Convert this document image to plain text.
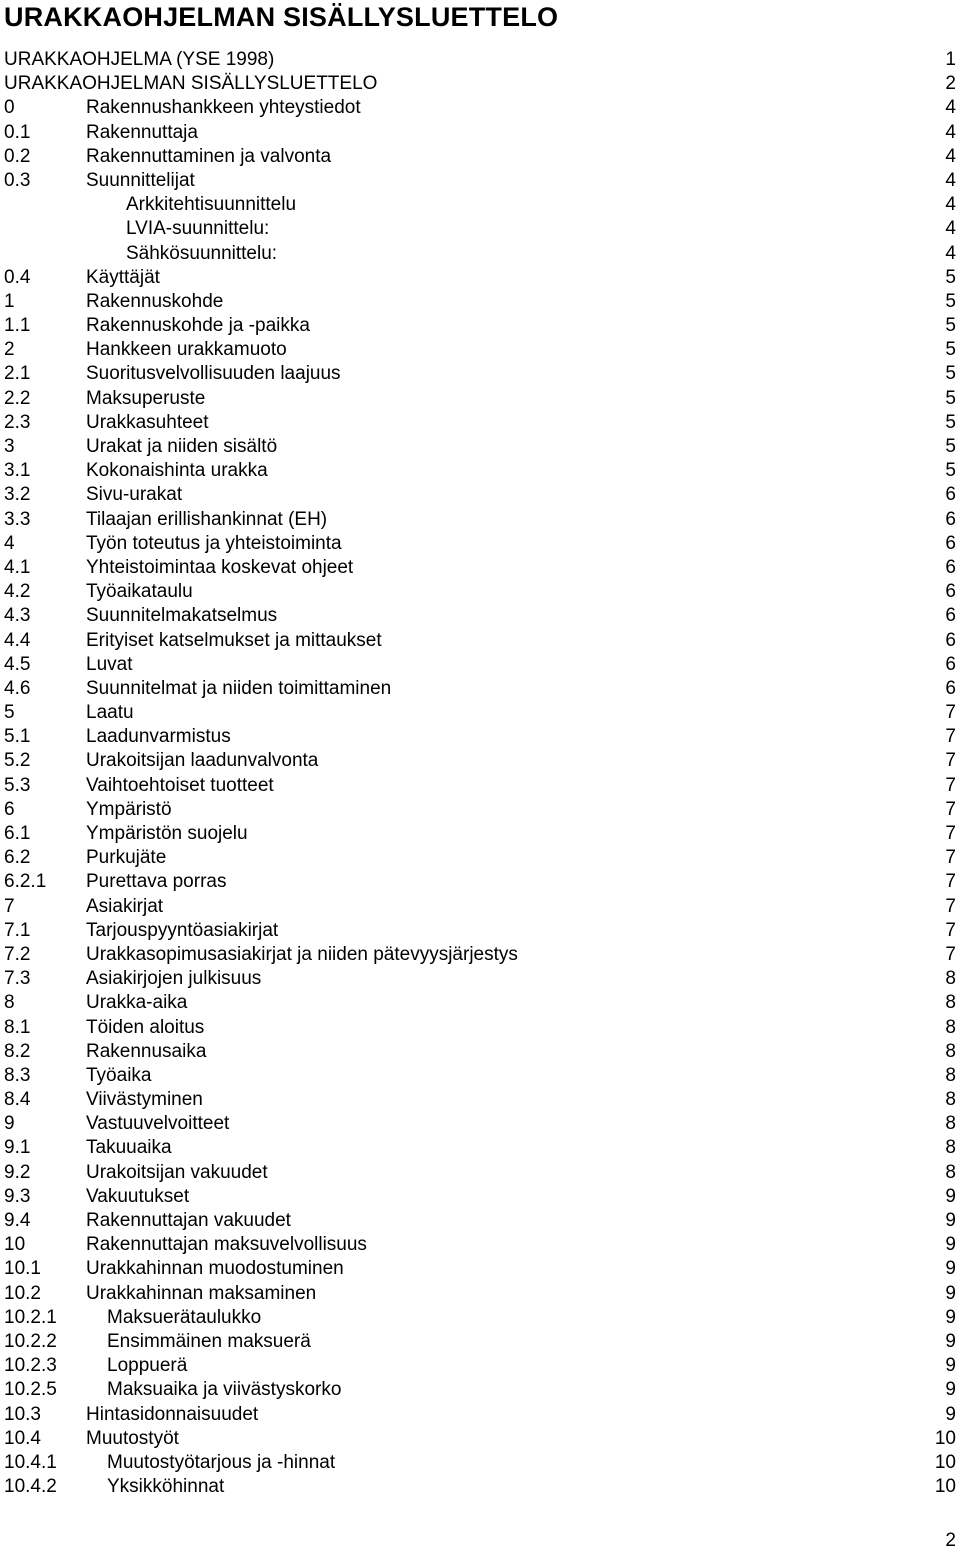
URAKKAOHJELMAN SISÄLLYSLUETTELO
URAKKAOHJELMA (YSE 1998)	1
URAKKAOHJELMAN SISÄLLYSLUETTELO	2
0	Rakennushankkeen yhteystiedot	4
0.1	Rakennuttaja	4
0.2	Rakennuttaminen ja valvonta	4
0.3	Suunnittelijat	4
Arkkitehtisuunnittelu	4
LVIA-suunnittelu:	4
Sähkösuunnittelu:	4
0.4	Käyttäjät	5
1	Rakennuskohde	5
1.1	Rakennuskohde ja -paikka	5
2	Hankkeen urakkamuoto	5
2.1	Suoritusvelvollisuuden laajuus	5
2.2	Maksuperuste	5
2.3	Urakkasuhteet	5
3	Urakat ja niiden sisältö	5
3.1	Kokonaishinta urakka	5
3.2	Sivu-urakat	6
3.3	Tilaajan erillishankinnat (EH)	6
4	Työn toteutus ja yhteistoiminta	6
4.1	Yhteistoimintaa koskevat ohjeet	6
4.2	Työaikataulu	6
4.3	Suunnitelmakatselmus	6
4.4	Erityiset katselmukset ja mittaukset	6
4.5	Luvat	6
4.6	Suunnitelmat ja niiden toimittaminen	6
5	Laatu	7
5.1	Laadunvarmistus	7
5.2	Urakoitsijan laadunvalvonta	7
5.3	Vaihtoehtoiset tuotteet	7
6	Ympäristö	7
6.1	Ympäristön suojelu	7
6.2	Purkujäte	7
6.2.1 Purettava porras	7
7	Asiakirjat	7
7.1	Tarjouspyyntöasiakirjat	7
7.2	Urakkasopimusasiakirjat ja niiden pätevyysjärjestys	7
7.3	Asiakirjojen julkisuus	8
8	Urakka-aika	8
8.1	Töiden aloitus	8
8.2	Rakennusaika	8
8.3	Työaika	8
8.4	Viivästyminen	8
9	Vastuuvelvoitteet	8
9.1	Takuuaika	8
9.2	Urakoitsijan vakuudet	8
9.3	Vakuutukset	9
9.4	Rakennuttajan vakuudet	9
10	Rakennuttajan maksuvelvollisuus	9
10.1 Urakkahinnan muodostuminen	9
10.2 Urakkahinnan maksaminen	9
10.2.1	Maksuerätaulukko	9
10.2.2	Ensimmäinen maksuerä	9
10.2.3	Loppuerä	9
10.2.5	Maksuaika ja viivästyskorko	9
10.3 Hintasidonnaisuudet	9
10.4 Muutostyöt	10
10.4.1	Muutostyötarjous ja -hinnat	10
10.4.2	Yksikköhinnat	10
2
